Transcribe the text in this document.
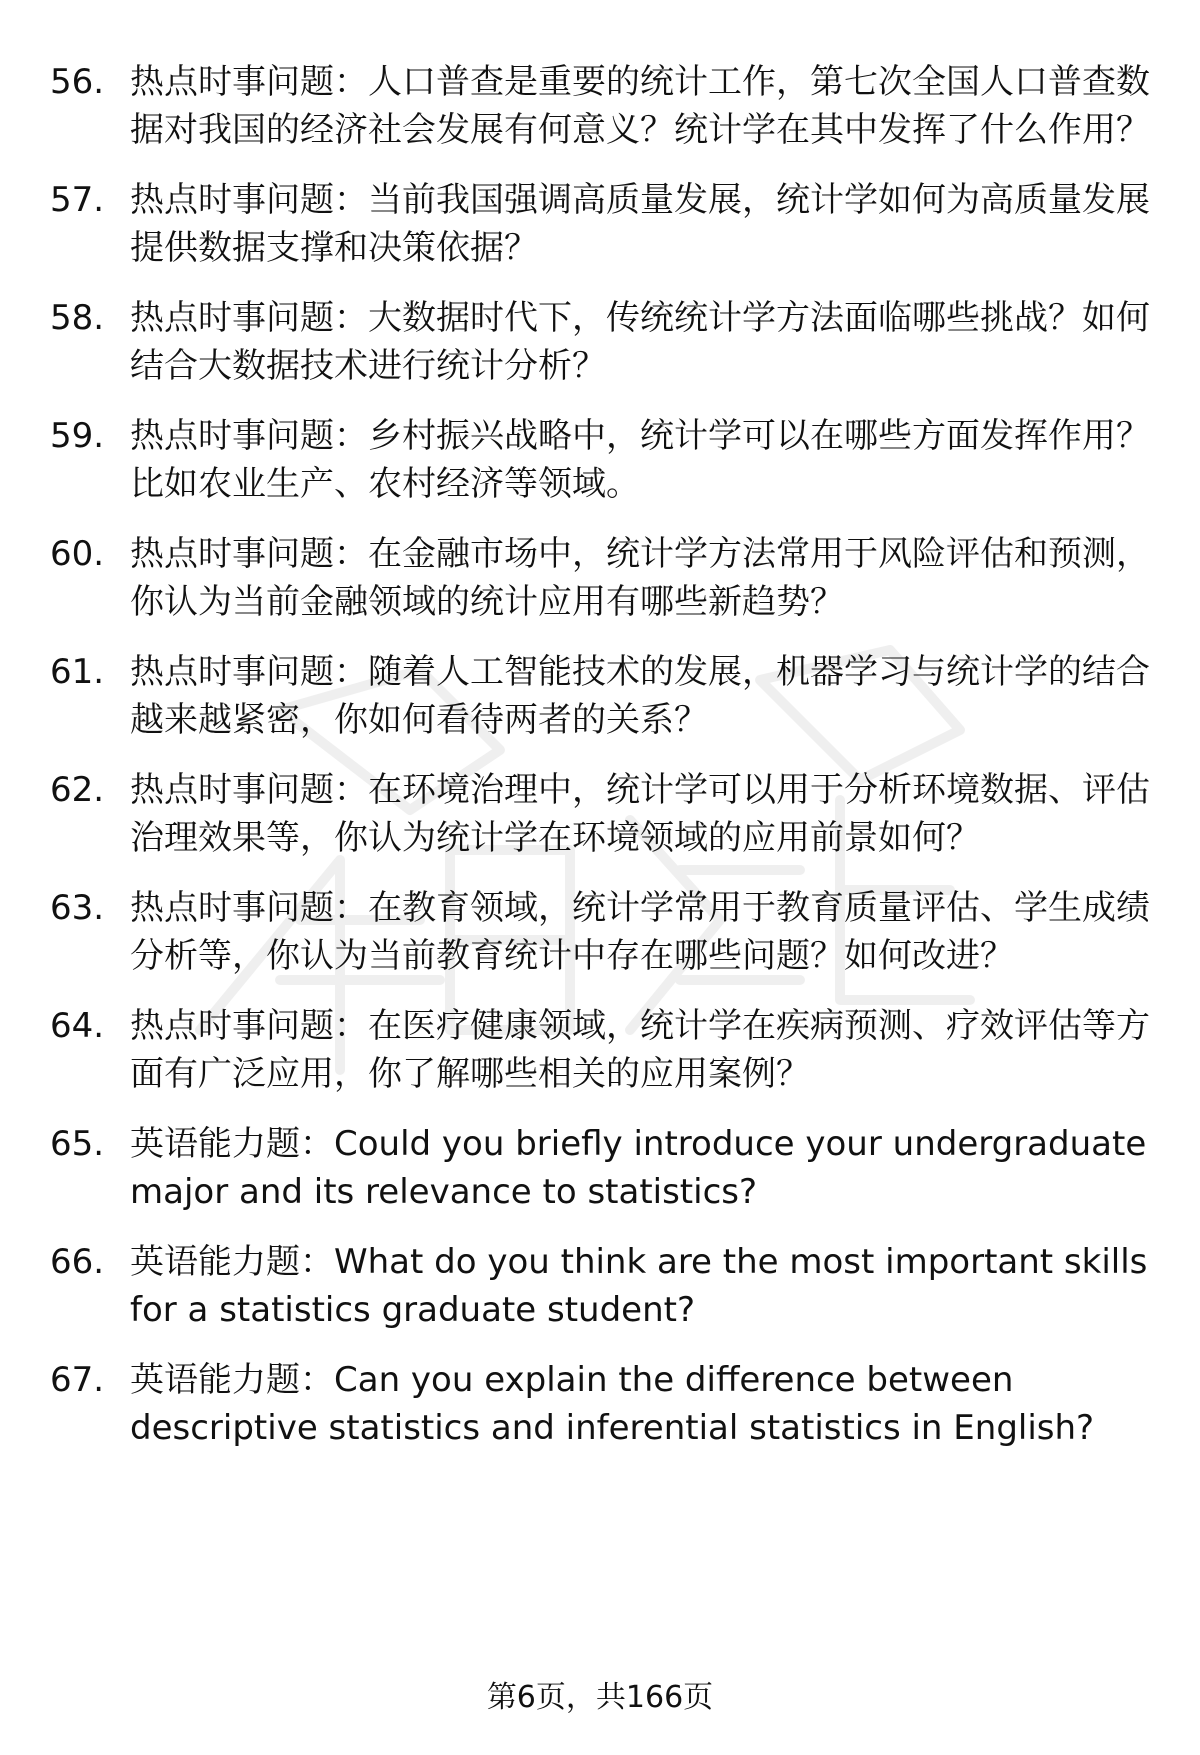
56. 热点时事问题：人口普查是重要的统计工作，第七次全国人口普查数据对我国的经济社会发展有何意义？统计学在其中发挥了什么作用？
57. 热点时事问题：当前我国强调高质量发展，统计学如何为高质量发展提供数据支撑和决策依据？
58. 热点时事问题：大数据时代下，传统统计学方法面临哪些挑战？如何结合大数据技术进行统计分析？
59. 热点时事问题：乡村振兴战略中，统计学可以在哪些方面发挥作用？比如农业生产、农村经济等领域。
60. 热点时事问题：在金融市场中，统计学方法常用于风险评估和预测，你认为当前金融领域的统计应用有哪些新趋势？
61. 热点时事问题：随着人工智能技术的发展，机器学习与统计学的结合越来越紧密，你如何看待两者的关系？
62. 热点时事问题：在环境治理中，统计学可以用于分析环境数据、评估治理效果等，你认为统计学在环境领域的应用前景如何？
63. 热点时事问题：在教育领域，统计学常用于教育质量评估、学生成绩分析等，你认为当前教育统计中存在哪些问题？如何改进？
64. 热点时事问题：在医疗健康领域，统计学在疾病预测、疗效评估等方面有广泛应用，你了解哪些相关的应用案例？
65. 英语能力题：Could you briefly introduce your undergraduate major and its relevance to statistics?
66. 英语能力题：What do you think are the most important skills for a statistics graduate student?
67. 英语能力题：Can you explain the difference between descriptive statistics and inferential statistics in English?
第6页，共166页
